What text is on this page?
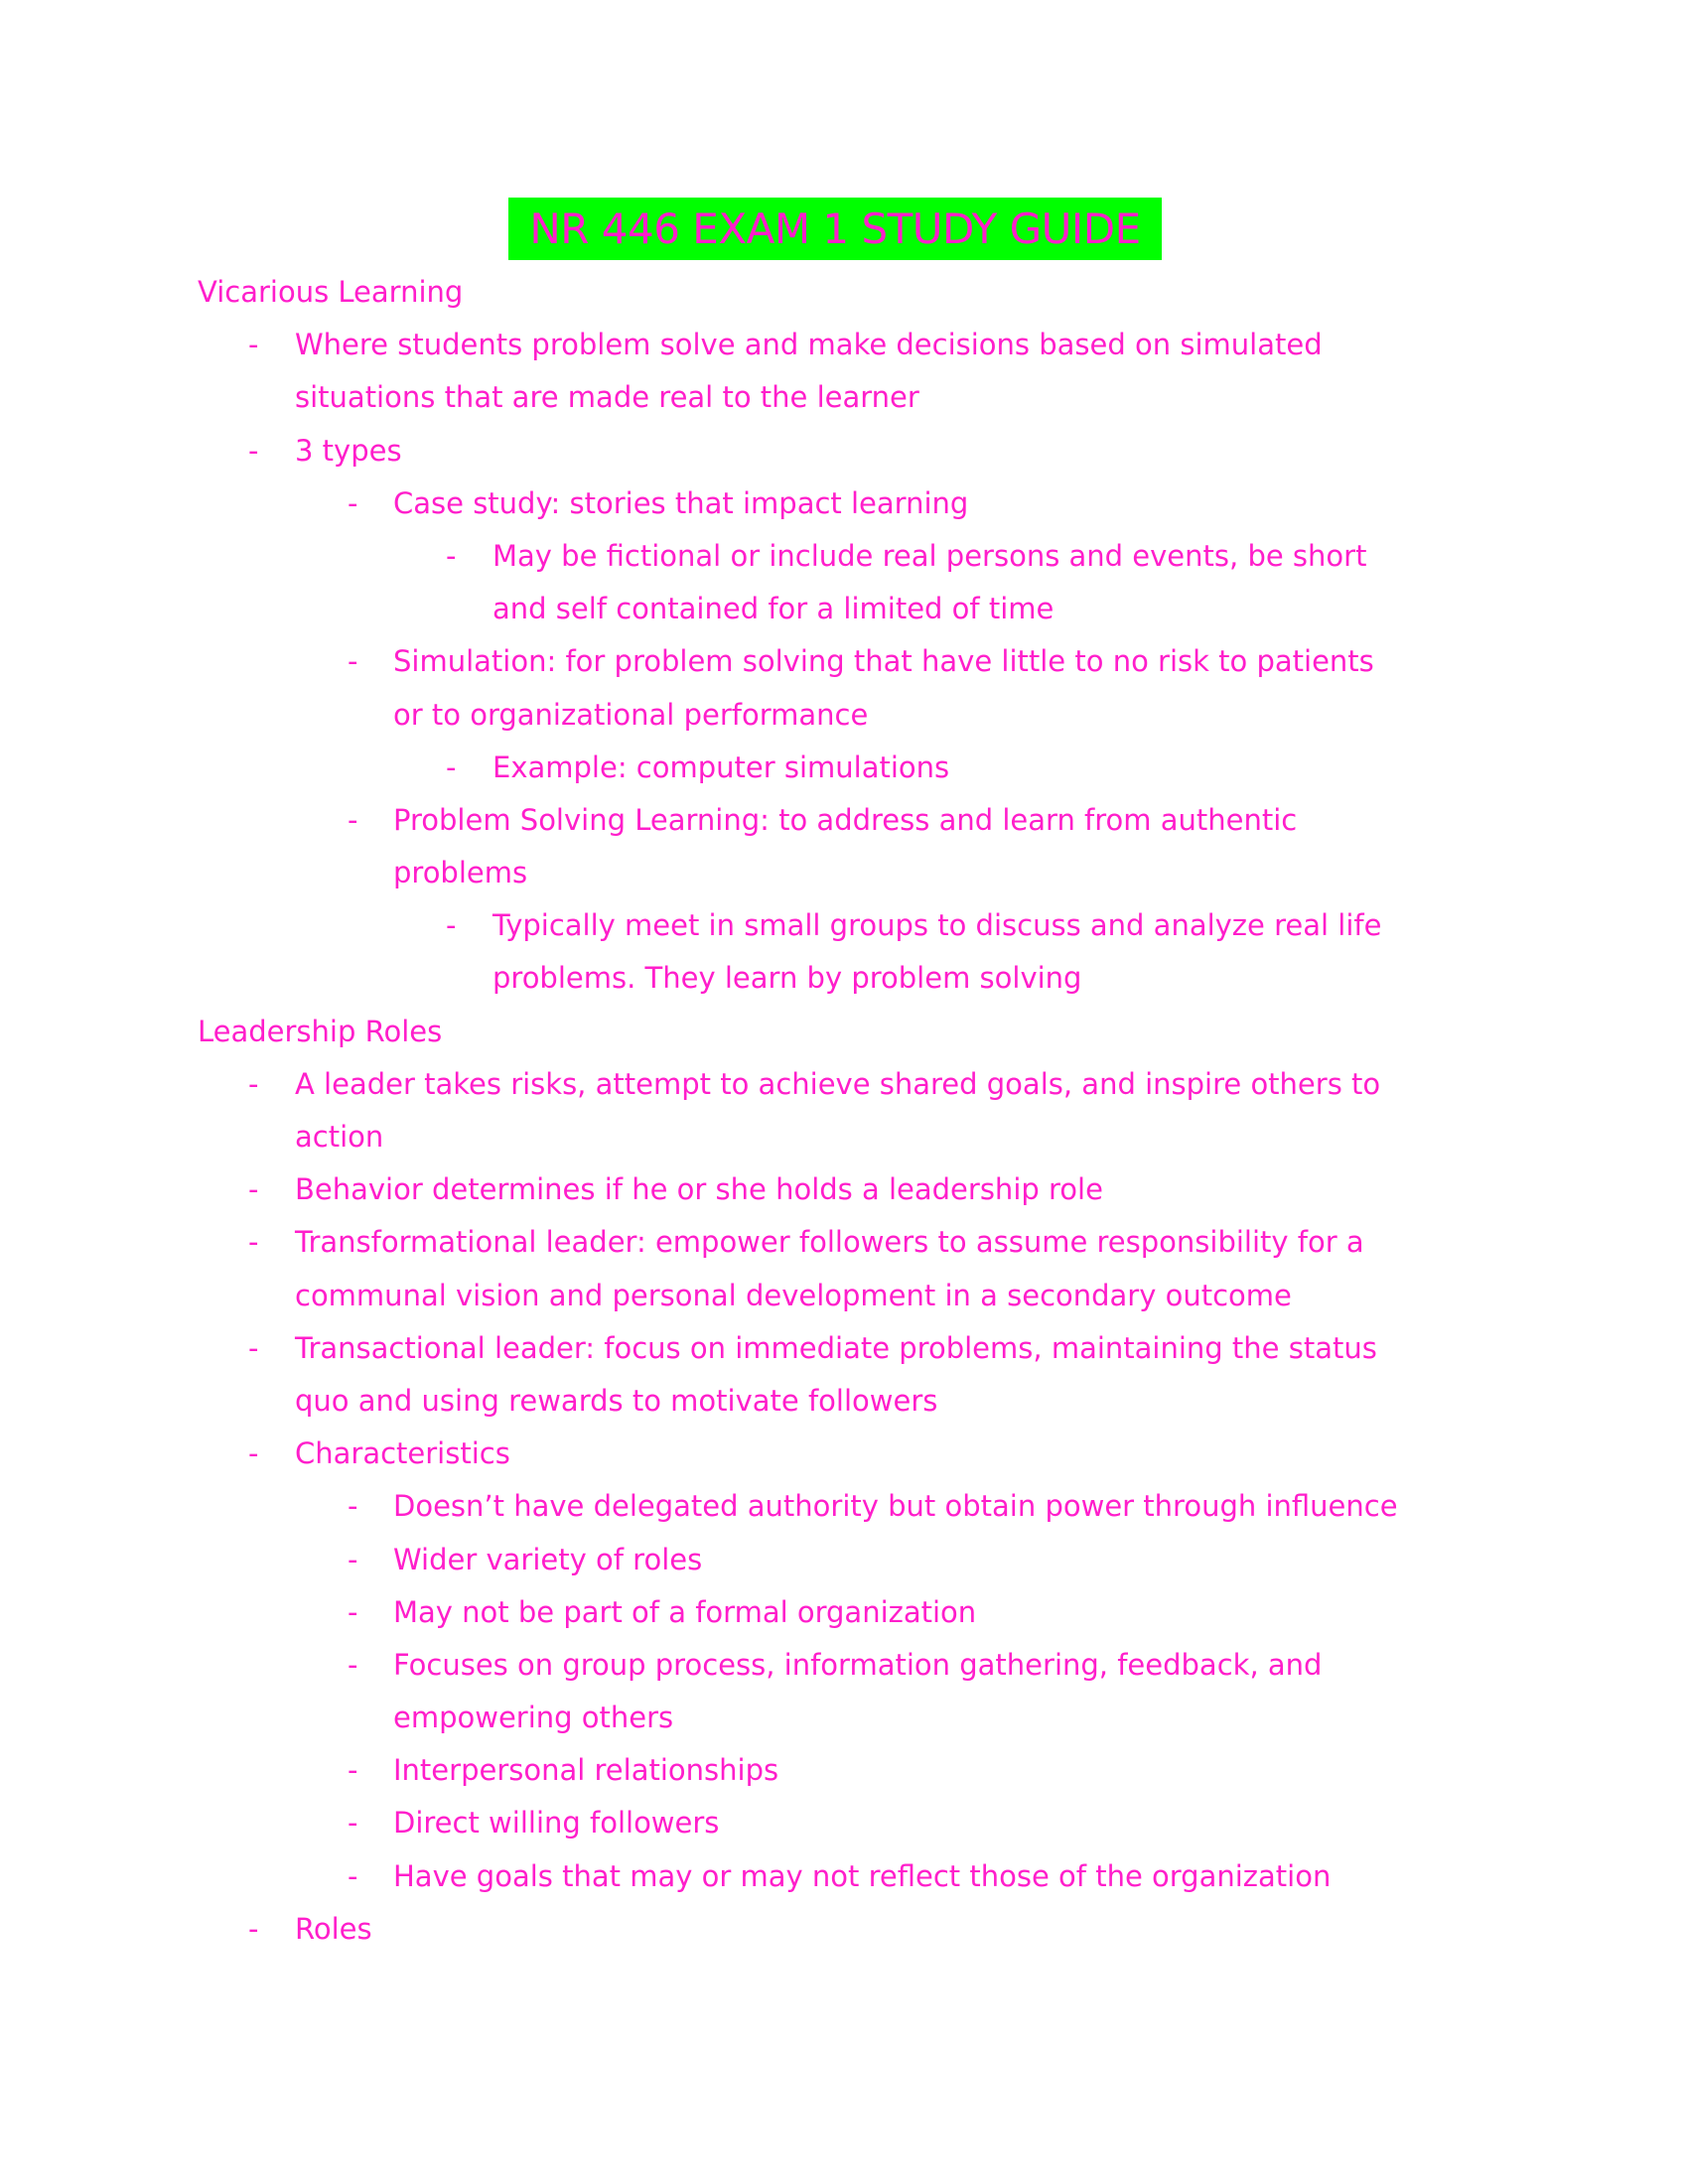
NR 446 EXAM 1 STUDY GUIDE
Vicarious Learning
- Where students problem solve and make decisions based on simulated
situations that are made real to the learner
- 3 types
- Case study: stories that impact learning
- May be fictional or include real persons and events, be short
and self contained for a limited of time
- Simulation: for problem solving that have little to no risk to patients
or to organizational performance
- Example: computer simulations
- Problem Solving Learning: to address and learn from authentic
problems
- Typically meet in small groups to discuss and analyze real life
problems. They learn by problem solving
Leadership Roles
- A leader takes risks, attempt to achieve shared goals, and inspire others to
action
- Behavior determines if he or she holds a leadership role
- Transformational leader: empower followers to assume responsibility for a
communal vision and personal development in a secondary outcome
- Transactional leader: focus on immediate problems, maintaining the status
quo and using rewards to motivate followers
- Characteristics
- Doesn’t have delegated authority but obtain power through influence
- Wider variety of roles
- May not be part of a formal organization
- Focuses on group process, information gathering, feedback, and
empowering others
- Interpersonal relationships
- Direct willing followers
- Have goals that may or may not reflect those of the organization
- Roles
